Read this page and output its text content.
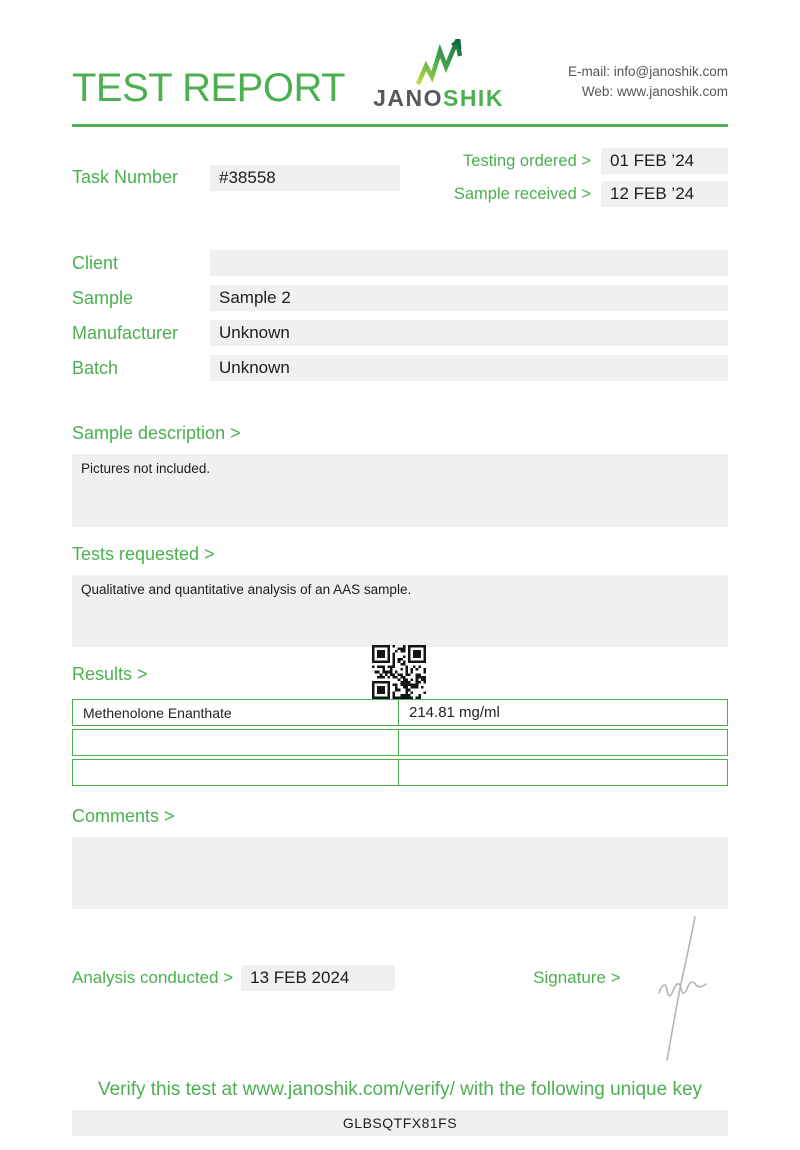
TEST REPORT JANOSHIK
E-mail: info@janoshik.com
Web: www.janoshik.com
Task Number	#38558
Testing ordered >	01 FEB ’24
Sample received >	12 FEB ’24
Client
Sample	Sample 2
Manufacturer	Unknown
Batch	Unknown
Sample description >
Pictures not included.
Tests requested >
Qualitative and quantitative analysis of an AAS sample.
Results >
Methenolone Enanthate	214.81 mg/ml
Comments >
Analysis conducted >	13 FEB 2024	Signature >
Verify this test at www.janoshik.com/verify/ with the following unique key
GLBSQTFX81FS
